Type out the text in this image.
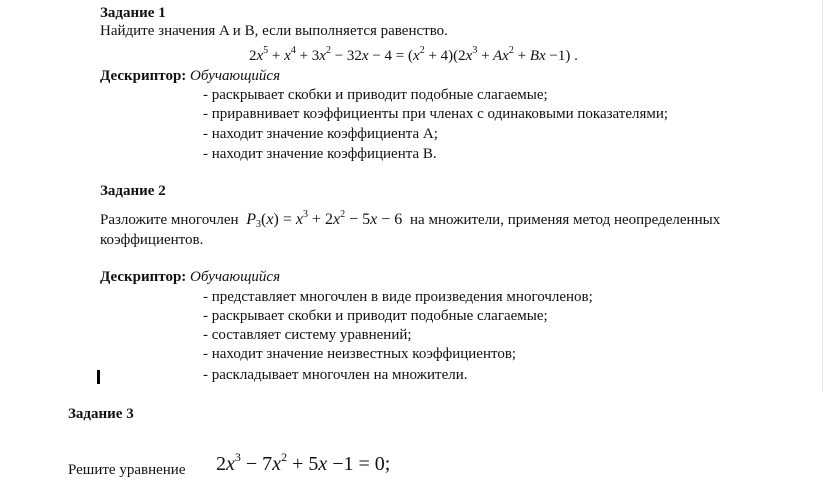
Задание 1
Найдите значения A и B, если выполняется равенство.
$2x^5 + x^4 + 3x^2 - 32x - 4 = (x^2 + 4)(2x^3 + Ax^2 + Bx -1)$ .
Дескриптор: Обучающийся
- раскрывает скобки и приводит подобные слагаемые;
- приравнивает коэффициенты при членах с одинаковыми показателями;
- находит значение коэффициента A;
- находит значение коэффициента B.
Задание 2
Разложите многочлен  $P_3(x) = x^3 + 2x^2 - 5x - 6$ на множители, применяя метод неопределенных
коэффициентов.
Дескриптор: Обучающийся
- представляет многочлен в виде произведения многочленов;
- раскрывает скобки и приводит подобные слагаемые;
- составляет систему уравнений;
- находит значение неизвестных коэффициентов;
- раскладывает многочлен на множители.
Задание 3
$2x^3 - 7x^2 + 5x -1 = 0$;
Решите уравнение
